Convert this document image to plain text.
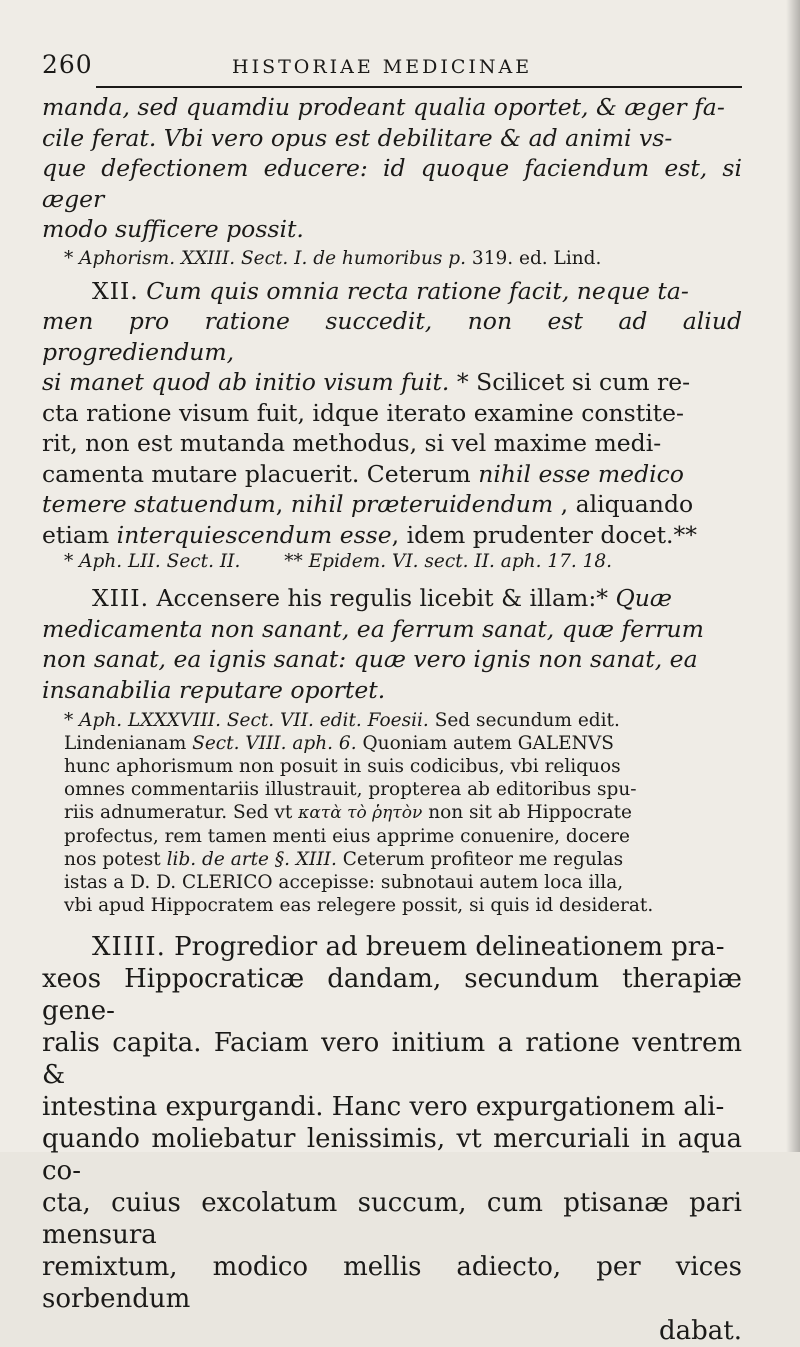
260	HISTORIAE MEDICINAE

manda, sed quamdiu prodeant qualia oportet, & æger fa-

cile ferat. Vbi vero opus est debilitare & ad animi vs-

que defectionem educere: id quoque faciendum est, si æger

modo sufficere possit.

* Aphorism. XXIII. Sect. I. de humoribus p. 319. ed. Lind.

XII. Cum quis omnia recta ratione facit, neque ta-

men pro ratione succedit, non est ad aliud progrediendum,

si manet quod ab initio visum fuit. * Scilicet si cum re-

cta ratione visum fuit, idque iterato examine constite-

rit, non est mutanda methodus, si vel maxime medi-

camenta mutare placuerit. Ceterum nihil esse medico

temere statuendum, nihil præteruidendum , aliquando

etiam interquiescendum esse, idem prudenter docet.**

* Aph. LII. Sect. II. ** Epidem. VI. sect. II. aph. 17. 18.

XIII. Accensere his regulis licebit & illam:* Quæ

medicamenta non sanant, ea ferrum sanat, quæ ferrum

non sanat, ea ignis sanat: quæ vero ignis non sanat, ea

insanabilia reputare oportet.

* Aph. LXXXVIII. Sect. VII. edit. Foesii. Sed secundum edit.

Lindenianam Sect. VIII. aph. 6. Quoniam autem GALENVS

hunc aphorismum non posuit in suis codicibus, vbi reliquos

omnes commentariis illustrauit, propterea ab editoribus spu-

riis adnumeratur. Sed vt κατὰ τὸ ῥητὸν non sit ab Hippocrate

profectus, rem tamen menti eius apprime conuenire, docere

nos potest lib. de arte §. XIII. Ceterum profiteor me regulas

istas a D. D. CLERICO accepisse: subnotaui autem loca illa,

vbi apud Hippocratem eas relegere possit, si quis id desiderat.

XIIII. Progredior ad breuem delineationem pra-

xeos Hippocraticæ dandam, secundum therapiæ gene-

ralis capita. Faciam vero initium a ratione ventrem &

intestina expurgandi. Hanc vero expurgationem ali-

quando moliebatur lenissimis, vt mercuriali in aqua co-

cta, cuius excolatum succum, cum ptisanæ pari mensura

remixtum, modico mellis adiecto, per vices sorbendum

dabat.
